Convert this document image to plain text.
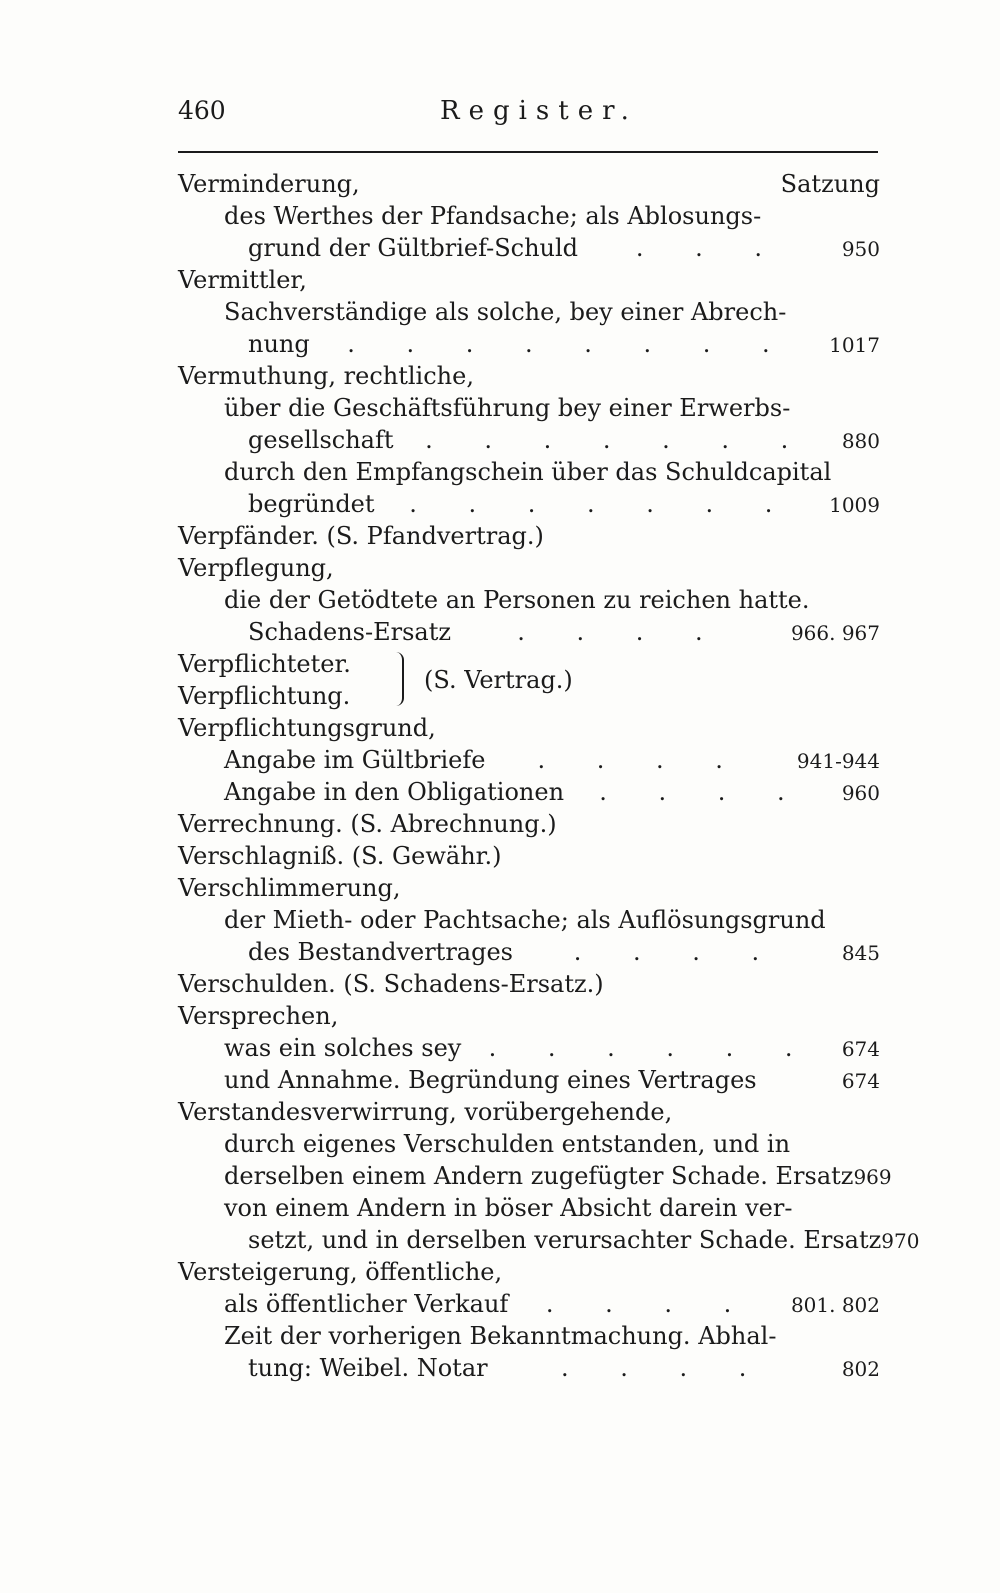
460	Register.
Verminderung,	Satzung
des Werthes der Pfandsache; als Ablosungs-
grund der Gültbrief-Schuld	. . .	950
Vermittler,
Sachverständige als solche, bey einer Abrech-
nung	. . . . . . . .	1017
Vermuthung, rechtliche,
über die Geschäftsführung bey einer Erwerbs-
gesellschaft	. . . . . . .	880
durch den Empfangschein über das Schuldcapital
begründet	. . . . . . .	1009
Verpfänder. (S. Pfandvertrag.)
Verpflegung,
die der Getödtete an Personen zu reichen hatte.
Schadens-Ersatz	. . . .	966. 967
Verpflichteter.
Verpflichtung.
(S. Vertrag.)
Verpflichtungsgrund,
Angabe im Gültbriefe	. . . .	941-944
Angabe in den Obligationen	. . . .	960
Verrechnung. (S. Abrechnung.)
Verschlagniß. (S. Gewähr.)
Verschlimmerung,
der Mieth- oder Pachtsache; als Auflösungsgrund
des Bestandvertrages	. . . .	845
Verschulden. (S. Schadens-Ersatz.)
Versprechen,
was ein solches sey	. . . . . .	674
und Annahme. Begründung eines Vertrages	674
Verstandesverwirrung, vorübergehende,
durch eigenes Verschulden entstanden, und in
derselben einem Andern zugefügter Schade. Ersatz 969
von einem Andern in böser Absicht darein ver-
setzt, und in derselben verursachter Schade. Ersatz 970
Versteigerung, öffentliche,
als öffentlicher Verkauf	. . . .	801. 802
Zeit der vorherigen Bekanntmachung. Abhal-
tung: Weibel. Notar	. . . .	802
